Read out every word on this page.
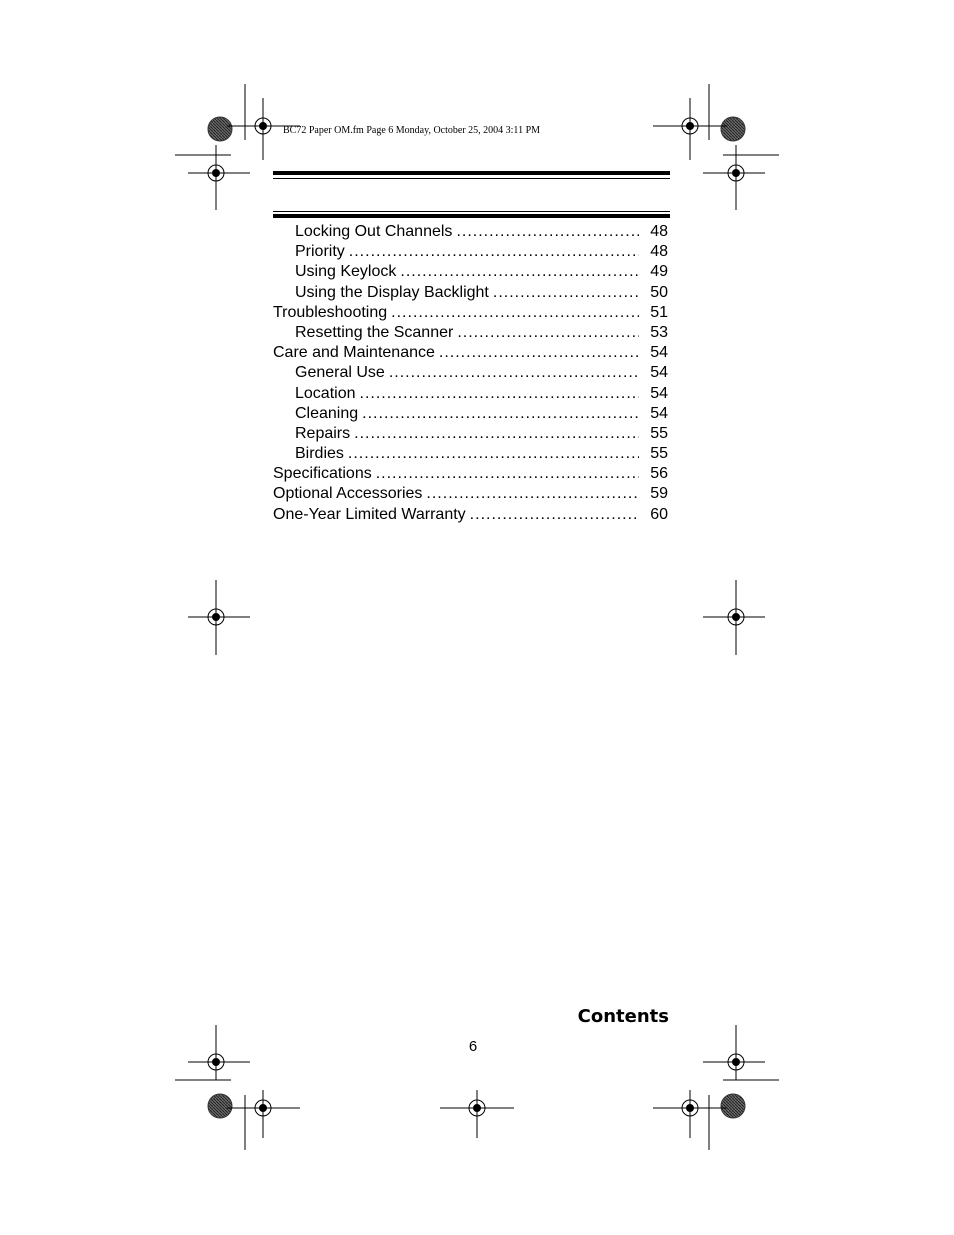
BC72 Paper OM.fm Page 6 Monday, October 25, 2004 3:11 PM
Locking Out Channels .....	48
Priority .....	48
Using Keylock .....	49
Using the Display Backlight .....	50
Troubleshooting .....	51
Resetting the Scanner .....	53
Care and Maintenance .....	54
General Use .....	54
Location .....	54
Cleaning .....	54
Repairs .....	55
Birdies .....	55
Specifications .....	56
Optional Accessories .....	59
One-Year Limited Warranty .....	60
Contents
6
